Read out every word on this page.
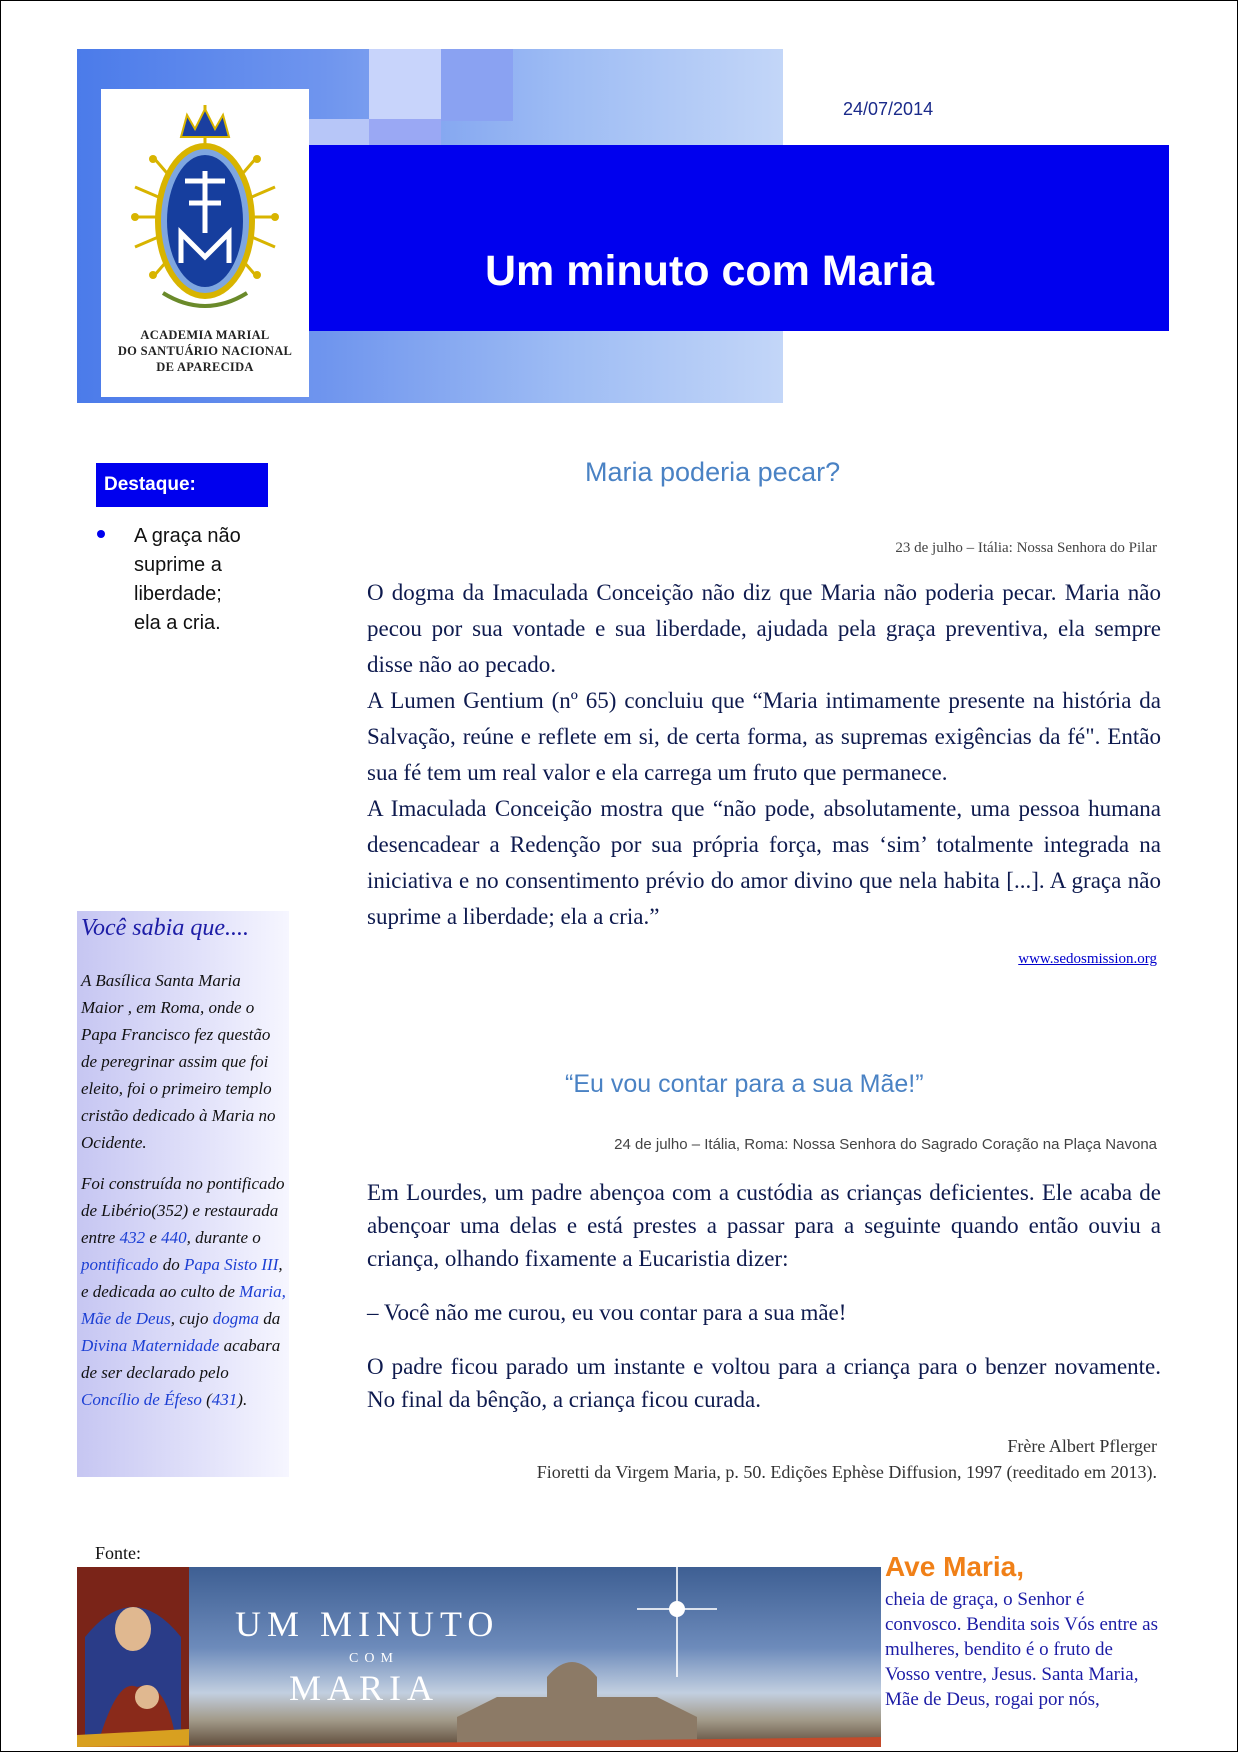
ACADEMIA MARIAL
DO SANTUÁRIO NACIONAL
DE APARECIDA
24/07/2014
Um minuto com Maria
Destaque:
A graça não
suprime a
liberdade;
ela a cria.
Maria poderia pecar?
23 de julho – Itália: Nossa Senhora do Pilar

O dogma da Imaculada Conceição não diz que Maria não poderia pecar. Maria não pecou por sua vontade e sua liberdade, ajudada pela graça preventiva, ela sempre disse não ao pecado.

A Lumen Gentium (nº 65) concluiu que “Maria intimamente presente na história da Salvação, reúne e reflete em si, de certa forma, as supremas exigências da fé". Então sua fé tem um real valor e ela carrega um fruto que permanece.

A Imaculada Conceição mostra que “não pode, absolutamente, uma pessoa humana desencadear a Redenção por sua própria força, mas ‘sim’ totalmente integrada na iniciativa e no consentimento prévio do amor divino que nela habita [...]. A graça não suprime a liberdade; ela a cria.”

www.sedosmission.org
“Eu vou contar para a sua Mãe!”
24 de julho – Itália, Roma: Nossa Senhora do Sagrado Coração na Plaça Navona

Em Lourdes, um padre abençoa com a custódia as crianças deficientes. Ele acaba de abençoar uma delas e está prestes a passar para a seguinte quando então ouviu a criança, olhando fixamente a Eucaristia dizer:

– Você não me curou, eu vou contar para a sua mãe!

O padre ficou parado um instante e voltou para a criança para o benzer novamente. No final da bênção, a criança ficou curada.

Frère Albert Pflerger
Fioretti da Virgem Maria, p. 50. Edições Ephèse Diffusion, 1997 (reeditado em 2013).
Você sabia que....

A Basílica Santa Maria Maior , em Roma, onde o Papa Francisco fez questão de peregrinar assim que foi eleito, foi o primeiro templo cristão dedicado à Maria no Ocidente.

Foi construída no pontificado de Libério(352) e restaurada entre 432 e 440, durante o pontificado do Papa Sisto III, e dedicada ao culto de Maria, Mãe de Deus, cujo dogma da Divina Maternidade acabara de ser declarado pelo Concílio de Éfeso (431).

Fonte:
UM MINUTO
COM
MARIA
Ave Maria,
cheia de graça, o Senhor é convosco. Bendita sois Vós entre as mulheres, bendito é o fruto de Vosso ventre, Jesus. Santa Maria, Mãe de Deus, rogai por nós,
